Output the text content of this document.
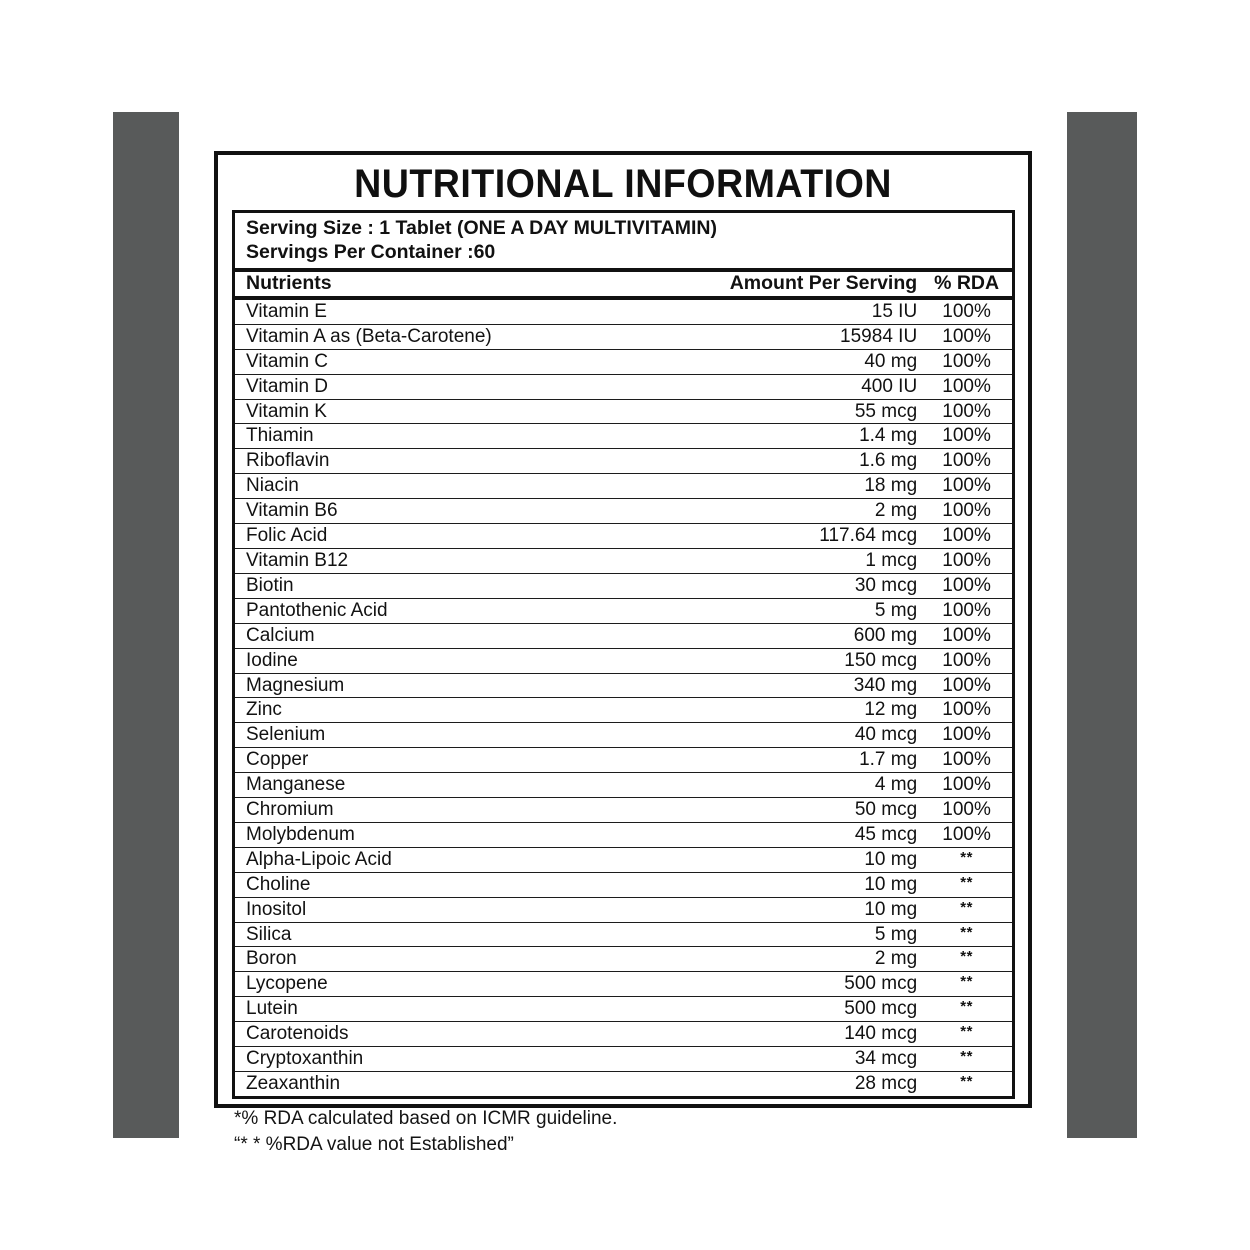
NUTRITIONAL INFORMATION
Serving Size : 1 Tablet (ONE A DAY MULTIVITAMIN)
Servings Per Container :60
Nutrients	Amount Per Serving	% RDA
Vitamin E	15 IU	100%
Vitamin A as (Beta-Carotene)	15984 IU	100%
Vitamin C	40 mg	100%
Vitamin D	400 IU	100%
Vitamin K	55 mcg	100%
Thiamin	1.4 mg	100%
Riboflavin	1.6 mg	100%
Niacin	18 mg	100%
Vitamin B6	2 mg	100%
Folic Acid	117.64 mcg	100%
Vitamin B12	1 mcg	100%
Biotin	30 mcg	100%
Pantothenic Acid	5 mg	100%
Calcium	600 mg	100%
Iodine	150 mcg	100%
Magnesium	340 mg	100%
Zinc	12 mg	100%
Selenium	40 mcg	100%
Copper	1.7 mg	100%
Manganese	4 mg	100%
Chromium	50 mcg	100%
Molybdenum	45 mcg	100%
Alpha-Lipoic Acid	10 mg	**
Choline	10 mg	**
Inositol	10 mg	**
Silica	5 mg	**
Boron	2 mg	**
Lycopene	500 mcg	**
Lutein	500 mcg	**
Carotenoids	140 mcg	**
Cryptoxanthin	34 mcg	**
Zeaxanthin	28 mcg	**
*% RDA calculated based on ICMR guideline.
“* * %RDA value not Established”
